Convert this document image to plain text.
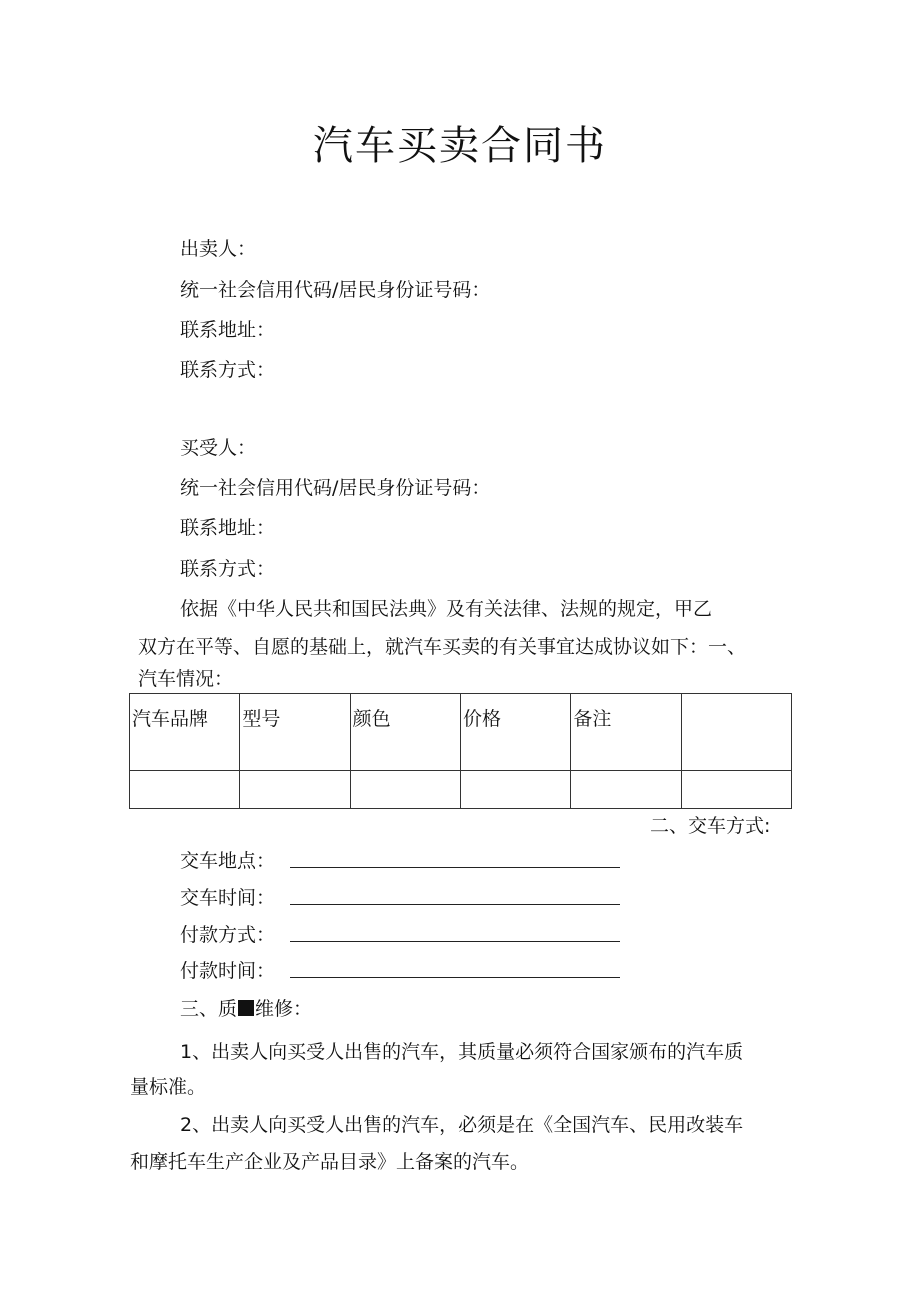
汽车买卖合同书
出卖人：
统一社会信用代码/居民身份证号码：
联系地址：
联系方式：
买受人：
统一社会信用代码/居民身份证号码：
联系地址：
联系方式：
依据《中华人民共和国民法典》及有关法律、法规的规定，甲乙
双方在平等、自愿的基础上，就汽车买卖的有关事宜达成协议如下：一、
汽车情况：
汽车品牌	型号	颜色	价格	备注	

二、交车方式:
交车地点：
交车时间：
付款方式：
付款时间：
三、质 维修：
1、出卖人向买受人出售的汽车，其质量必须符合国家颁布的汽车质
量标准。
2、出卖人向买受人出售的汽车，必须是在《全国汽车、民用改装车
和摩托车生产企业及产品目录》上备案的汽车。
